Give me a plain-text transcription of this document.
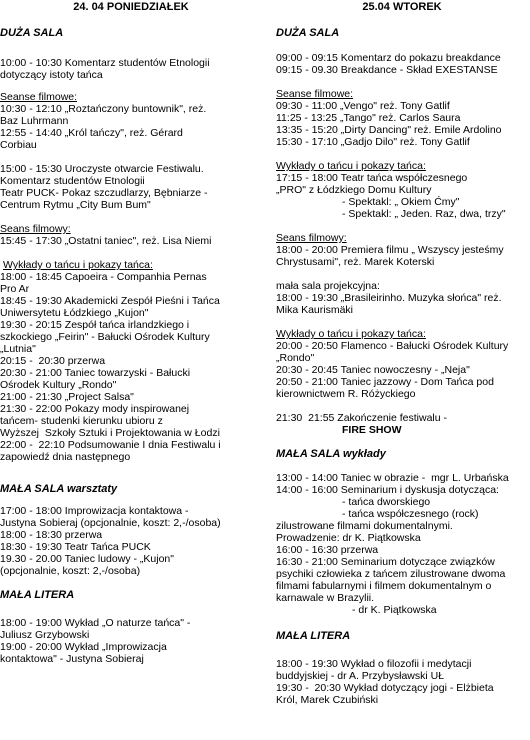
24. 04 PONIEDZIAŁEK

DUŻA SALA

10:00 - 10:30 Komentarz studentów Etnologii

dotyczący istoty tańca

Seanse filmowe:

10:30 - 12:10 „Roztańczony buntownik", reż.

Baz Luhrmann

12:55 - 14:40 „Król tańczy", reż. Gérard

Corbiau

15:00 - 15:30 Uroczyste otwarcie Festiwalu.

Komentarz studentów Etnologii

Teatr PUCK- Pokaz szczudlarzy, Bębniarze -

Centrum Rytmu „City Bum Bum"

Seans filmowy:

15:45 - 17:30 „Ostatni taniec", reż. Lisa Niemi

Wykłady o tańcu i pokazy tańca:

18:00 - 18:45 Capoeira - Companhia Pernas

Pro Ar

18:45 - 19:30 Akademicki Zespół Pieśni i Tańca

Uniwersytetu Łódzkiego „Kujon"

19:30 - 20:15 Zespół tańca irlandzkiego i

szkockiego „Feirin" - Bałucki Ośrodek Kultury

„Lutnia"

20:15 -  20:30 przerwa

20:30 - 21:00 Taniec towarzyski - Bałucki

Ośrodek Kultury „Rondo"

21:00 - 21:30 „Project Salsa"

21:30 - 22:00 Pokazy mody inspirowanej

tańcem- studenki kierunku ubioru z

Wyższej  Szkoły Sztuki i Projektowania w Łodzi

22:00 -  22:10 Podsumowanie I dnia Festiwalu i

zapowiedź dnia następnego

MAŁA SALA warsztaty

17:00 - 18:00 Improwizacja kontaktowa -

Justyna Sobieraj (opcjonalnie, koszt: 2,-/osoba)

18:00 - 18:30 przerwa

18:30 - 19:30 Teatr Tańca PUCK

19.30 - 20.00 Taniec ludowy - „Kujon"

(opcjonalnie, koszt: 2,-/osoba)

MAŁA LITERA

18:00 - 19:00 Wykład „O naturze tańca" -

Juliusz Grzybowski

19:00 - 20:00 Wykład „Improwizacja

kontaktowa" - Justyna Sobieraj

25.04 WTOREK

DUŻA SALA

09:00 - 09:15 Komentarz do pokazu breakdance

09:15 - 09.30 Breakdance - Skład EXESTANSE

Seanse filmowe:

09:30 - 11:00 „Vengo" reż. Tony Gatlif

11:25 - 13:25 „Tango" reż. Carlos Saura

13:35 - 15:20 „Dirty Dancing" reż. Emile Ardolino

15:30 - 17:10 „Gadjo Dilo" reż. Tony Gatlif

Wykłady o tańcu i pokazy tańca:

17:15 - 18:00 Teatr tańca współczesnego

„PRO" z Łódzkiego Domu Kultury

- Spektakl: „ Okiem Ćmy"

- Spektakl: „ Jeden. Raz, dwa, trzy"

Seans filmowy:

18:00 - 20:00 Premiera filmu „ Wszyscy jesteśmy

Chrystusami", reż. Marek Koterski

mała sala projekcyjna:

18:00 - 19:30 „Brasileirinho. Muzyka słońca" reż.

Mika Kaurismäki

Wykłady o tańcu i pokazy tańca:

20:00 - 20:50 Flamenco - Bałucki Ośrodek Kultury

„Rondo"

20:30 - 20:45 Taniec nowoczesny - „Neja"

20:50 - 21:00 Taniec jazzowy - Dom Tańca pod

kierownictwem R. Różyckiego

21:30  21:55 Zakończenie festiwalu -

FIRE SHOW

MAŁA SALA wykłady

13:00 - 14:00 Taniec w obrazie -  mgr L. Urbańska

14:00 - 16:00 Seminarium i dyskusja dotycząca:

- tańca dworskiego

- tańca współczesnego (rock)

zilustrowane filmami dokumentalnymi.

Prowadzenie: dr K. Piątkowska

16:00 - 16:30 przerwa

16:30 - 21:00 Seminarium dotyczące związków

psychiki człowieka z tańcem zilustrowane dwoma

filmami fabularnymi i filmem dokumentalnym o

karnawale w Brazylii.

- dr K. Piątkowska

MAŁA LITERA

18:00 - 19:30 Wykład o filozofii i medytacji

buddyjskiej - dr A. Przybysławski UŁ

19:30 -  20:30 Wykład dotyczący jogi - Elżbieta

Król, Marek Czubiński
